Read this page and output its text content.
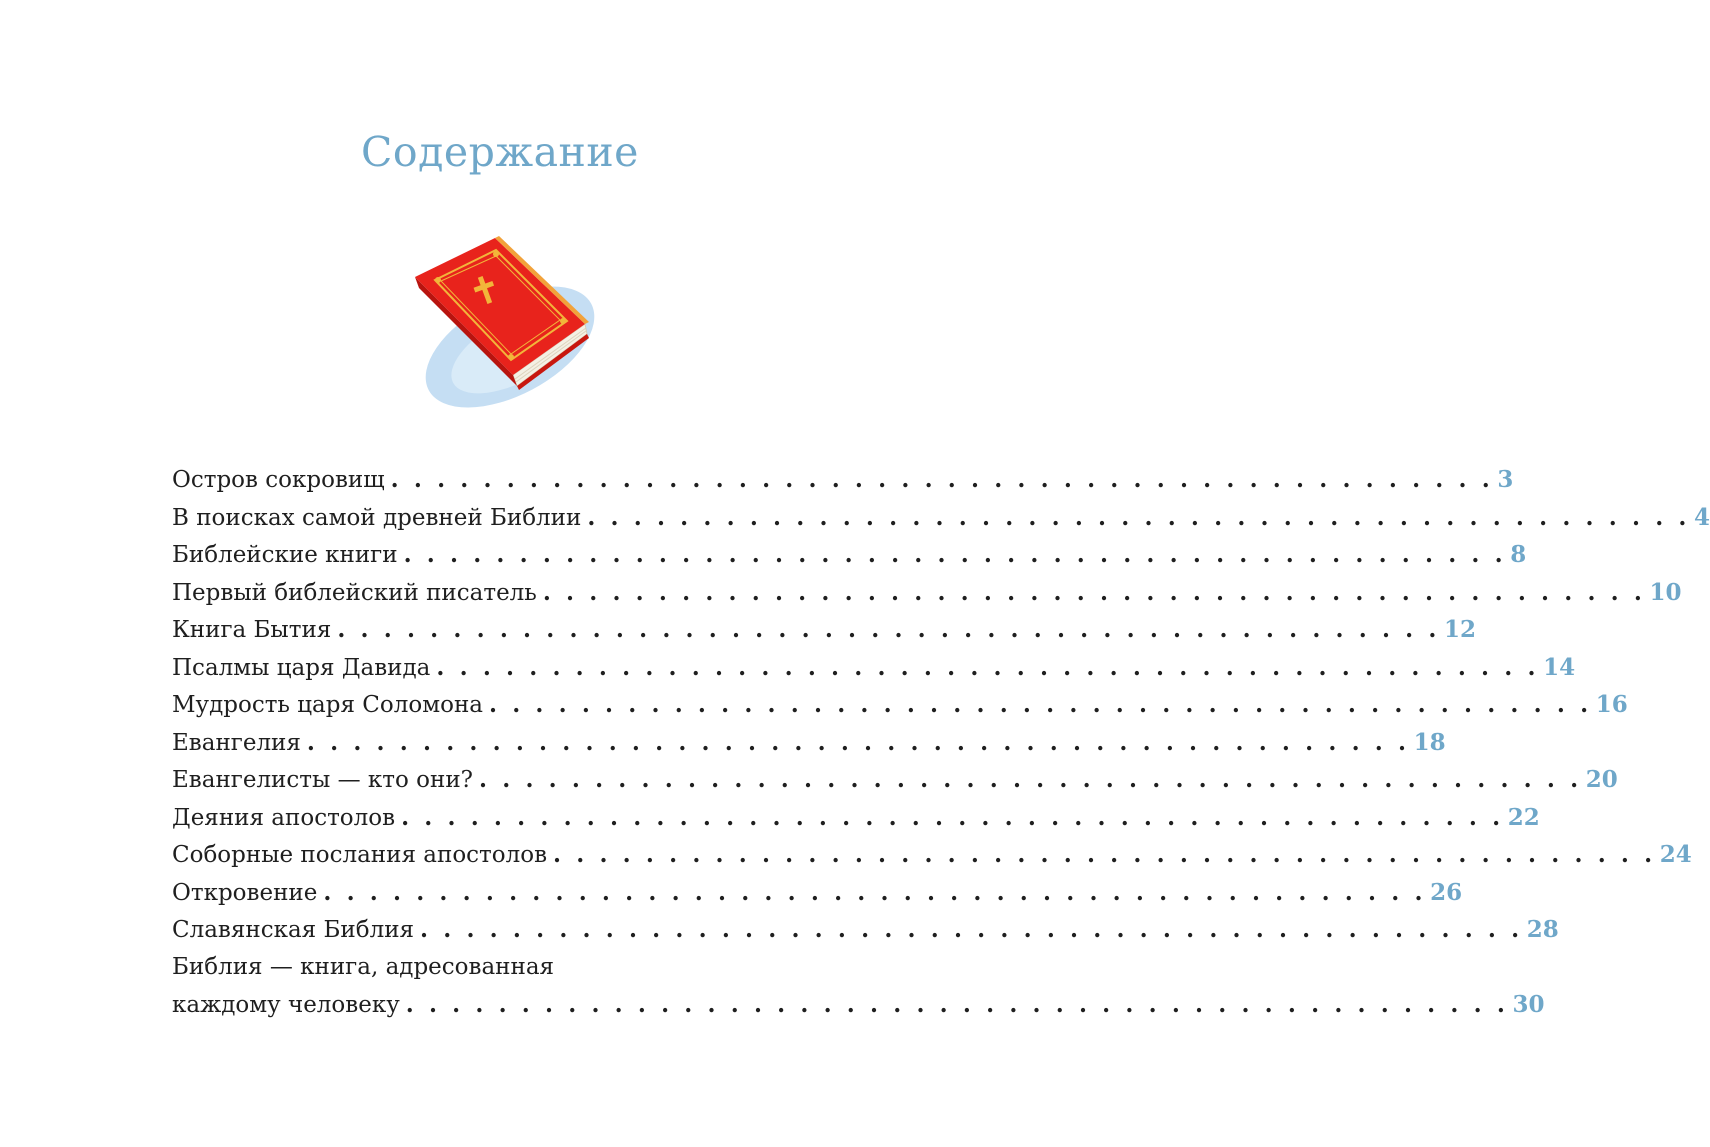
Содержание
Остров сокровищ . . . . . . . . . . . . . . . . . . . . . . . . . . . . . . . . . . . . . . . . . . . . . . . . 3
В поисках самой древней Библии . . . . . . . . . . . . . . . . . . . . . . . . . . . . . . . . . . . . . . . . . . . . . . . . 4
Библейские книги . . . . . . . . . . . . . . . . . . . . . . . . . . . . . . . . . . . . . . . . . . . . . . . . 8
Первый библейский писатель . . . . . . . . . . . . . . . . . . . . . . . . . . . . . . . . . . . . . . . . . . . . . . . . 10
Книга Бытия . . . . . . . . . . . . . . . . . . . . . . . . . . . . . . . . . . . . . . . . . . . . . . . . 12
Псалмы царя Давида . . . . . . . . . . . . . . . . . . . . . . . . . . . . . . . . . . . . . . . . . . . . . . . . 14
Мудрость царя Соломона . . . . . . . . . . . . . . . . . . . . . . . . . . . . . . . . . . . . . . . . . . . . . . . . 16
Евангелия . . . . . . . . . . . . . . . . . . . . . . . . . . . . . . . . . . . . . . . . . . . . . . . . 18
Евангелисты — кто они? . . . . . . . . . . . . . . . . . . . . . . . . . . . . . . . . . . . . . . . . . . . . . . . . 20
Деяния апостолов . . . . . . . . . . . . . . . . . . . . . . . . . . . . . . . . . . . . . . . . . . . . . . . . 22
Соборные послания апостолов . . . . . . . . . . . . . . . . . . . . . . . . . . . . . . . . . . . . . . . . . . . . . . . . 24
Откровение . . . . . . . . . . . . . . . . . . . . . . . . . . . . . . . . . . . . . . . . . . . . . . . . 26
Славянская Библия . . . . . . . . . . . . . . . . . . . . . . . . . . . . . . . . . . . . . . . . . . . . . . . . 28
Библия — книга, адресованная
каждому человеку . . . . . . . . . . . . . . . . . . . . . . . . . . . . . . . . . . . . . . . . . . . . . . . . 30
